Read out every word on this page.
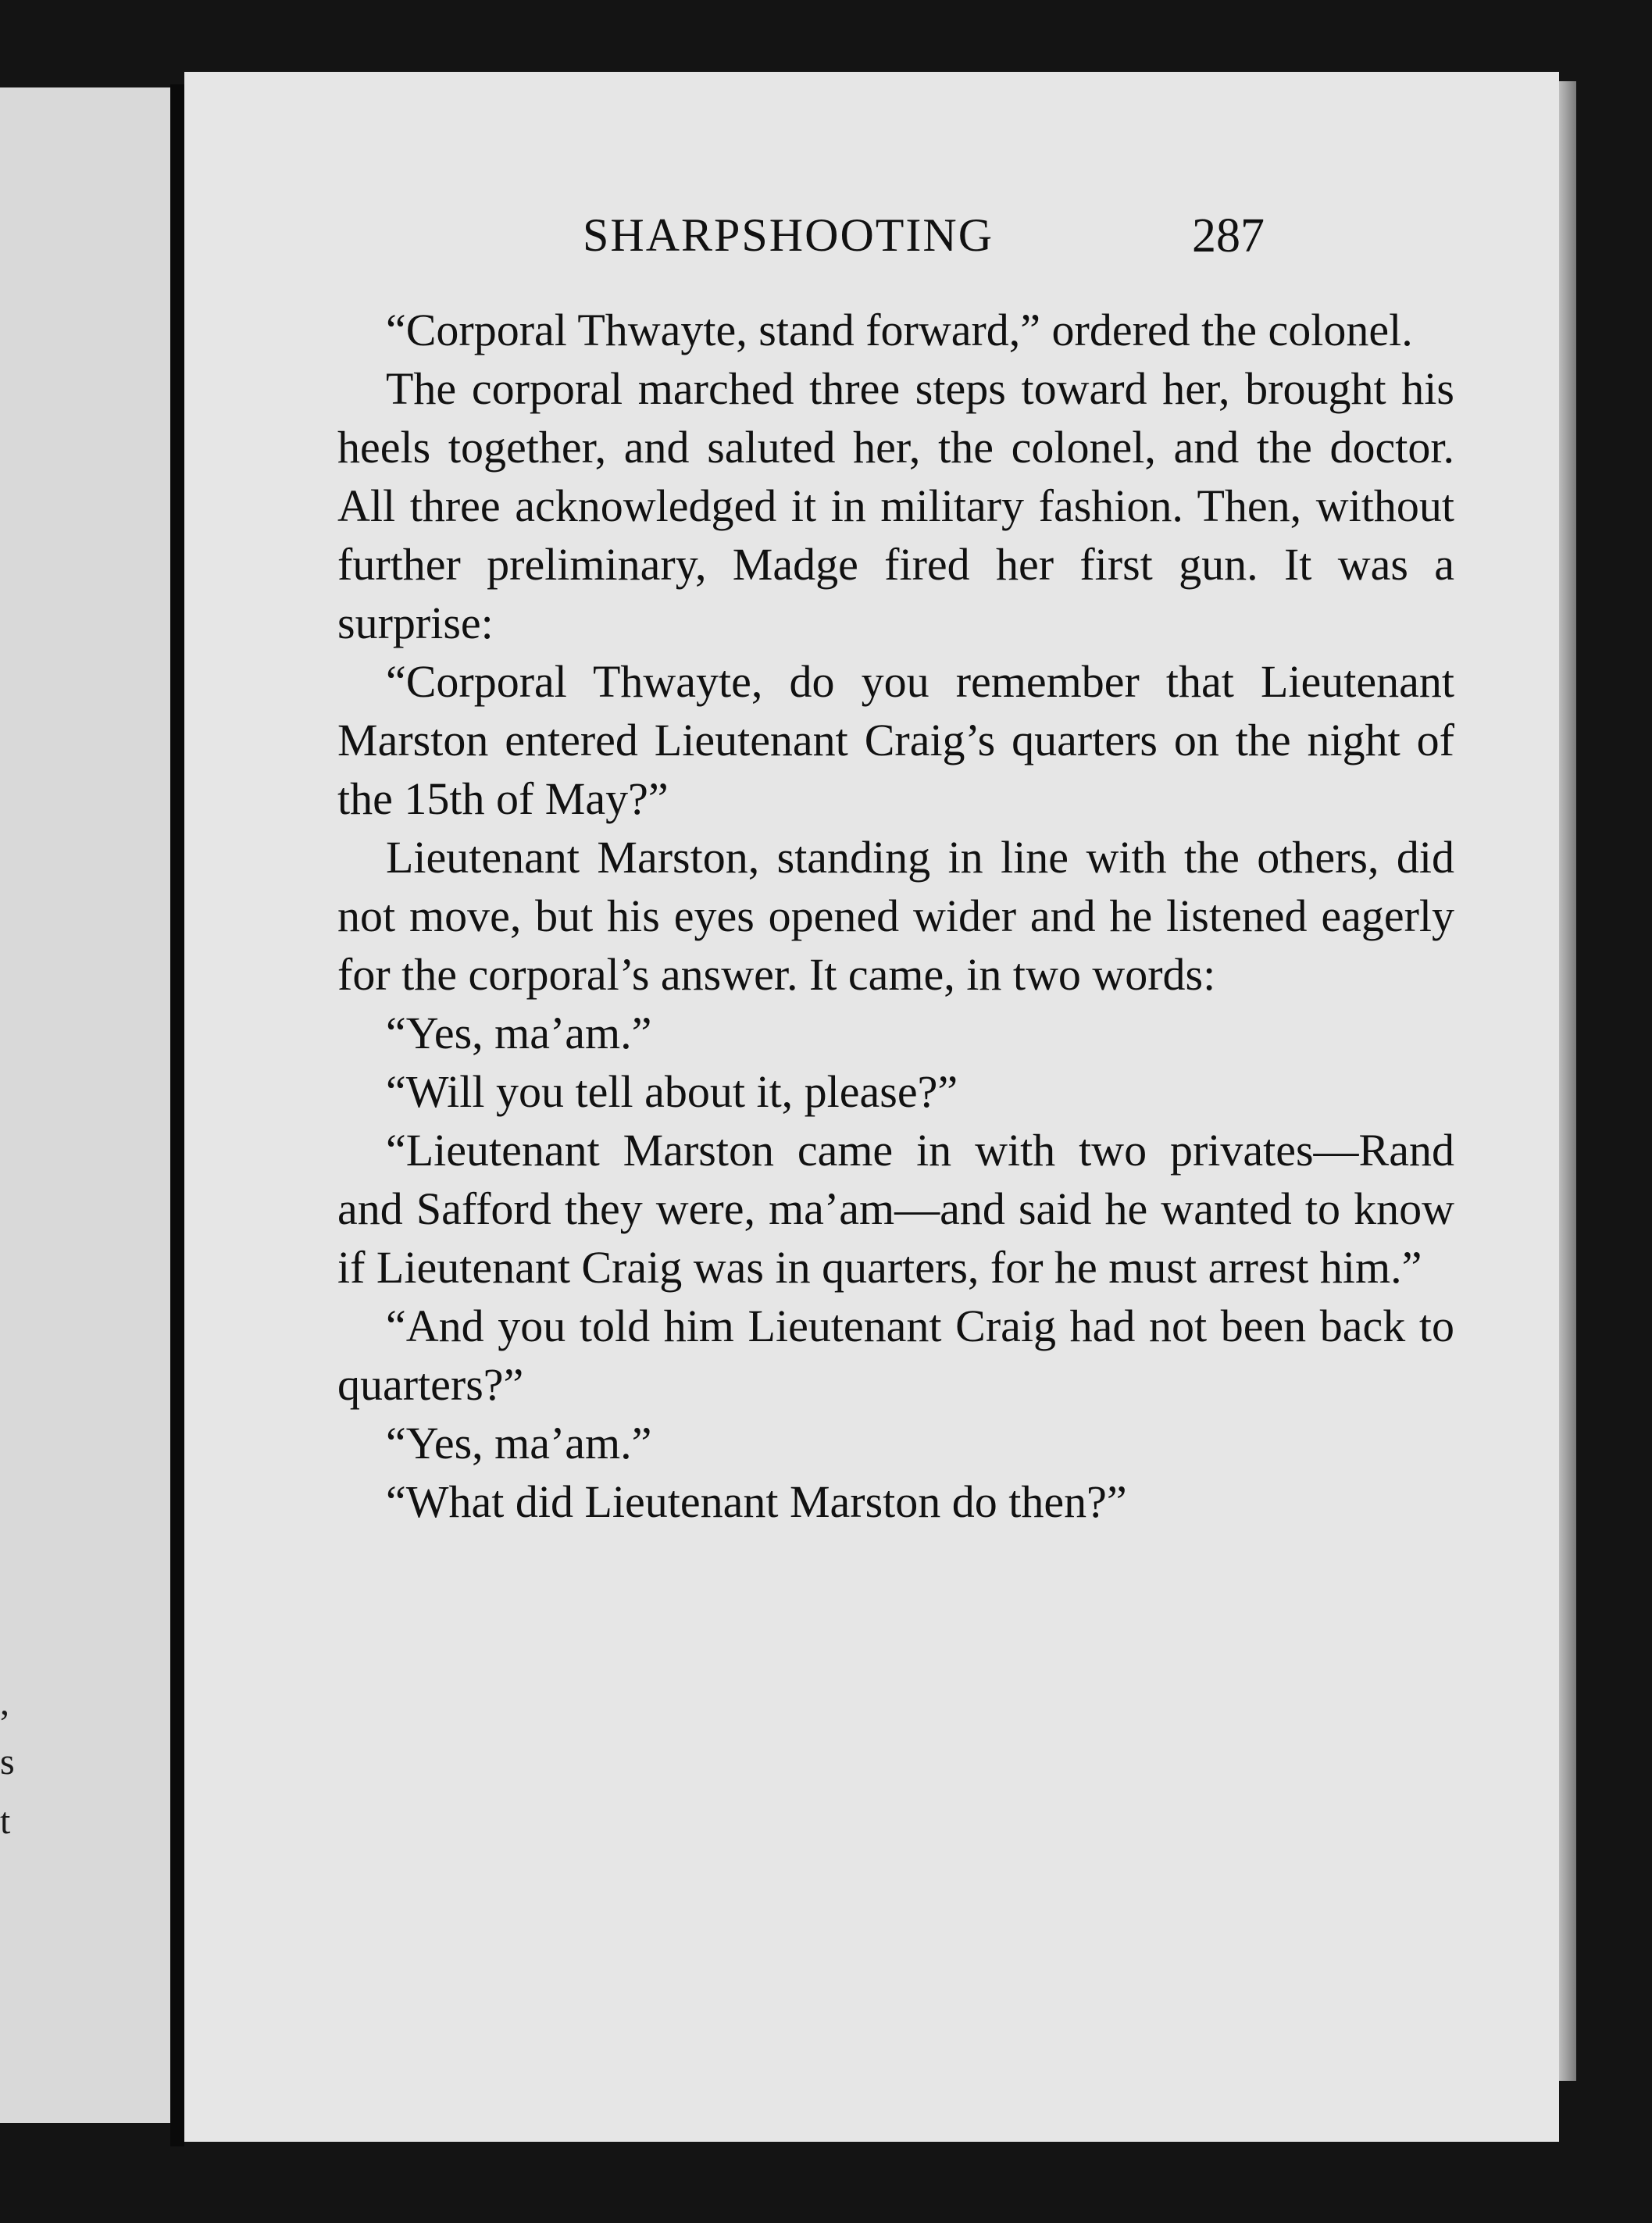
,
s
t
SHARPSHOOTING	287

“Corporal Thwayte, stand forward,” ordered the colonel.

The corporal marched three steps toward her, brought his heels together, and saluted her, the colonel, and the doctor. All three acknowledged it in military fashion. Then, without further preliminary, Madge fired her first gun. It was a surprise:

“Corporal Thwayte, do you remember that Lieutenant Marston entered Lieutenant Craig’s quarters on the night of the 15th of May?”

Lieutenant Marston, standing in line with the others, did not move, but his eyes opened wider and he listened eagerly for the corporal’s answer. It came, in two words:

“Yes, ma’am.”

“Will you tell about it, please?”

“Lieutenant Marston came in with two privates—Rand and Safford they were, ma’am—and said he wanted to know if Lieutenant Craig was in quarters, for he must arrest him.”

“And you told him Lieutenant Craig had not been back to quarters?”

“Yes, ma’am.”

“What did Lieutenant Marston do then?”
